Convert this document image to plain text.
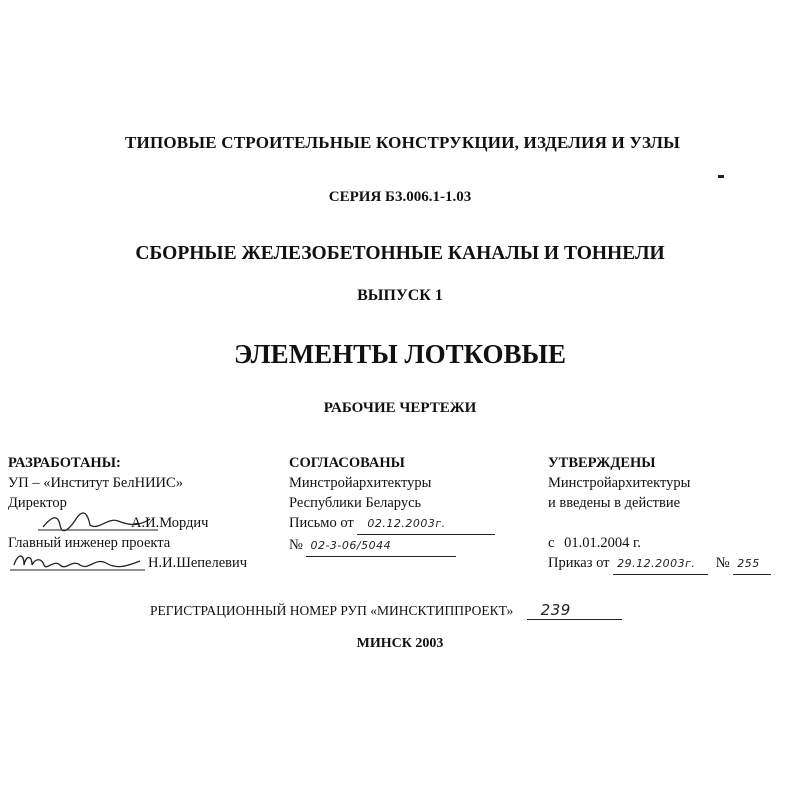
ТИПОВЫЕ СТРОИТЕЛЬНЫЕ КОНСТРУКЦИИ, ИЗДЕЛИЯ И УЗЛЫ
СЕРИЯ Б3.006.1-1.03
СБОРНЫЕ ЖЕЛЕЗОБЕТОННЫЕ КАНАЛЫ И ТОННЕЛИ
ВЫПУСК 1
ЭЛЕМЕНТЫ ЛОТКОВЫЕ
РАБОЧИЕ ЧЕРТЕЖИ
РАЗРАБОТАНЫ:
УП – «Институт БелНИИС»
Директор
А.И.Мордич
Главный инженер проекта
Н.И.Шепелевич
СОГЛАСОВАНЫ
Минстройархитектуры
Республики Беларусь
Письмо от 02.12.2003г.
№ 02-3-06/5044
УТВЕРЖДЕНЫ
Минстройархитектуры
и введены в действие

с 01.01.2004 г.
Приказ от 29.12.2003г. № 255
РЕГИСТРАЦИОННЫЙ НОМЕР РУП «МИНСКТИППРОЕКТ» 239
МИНСК 2003
